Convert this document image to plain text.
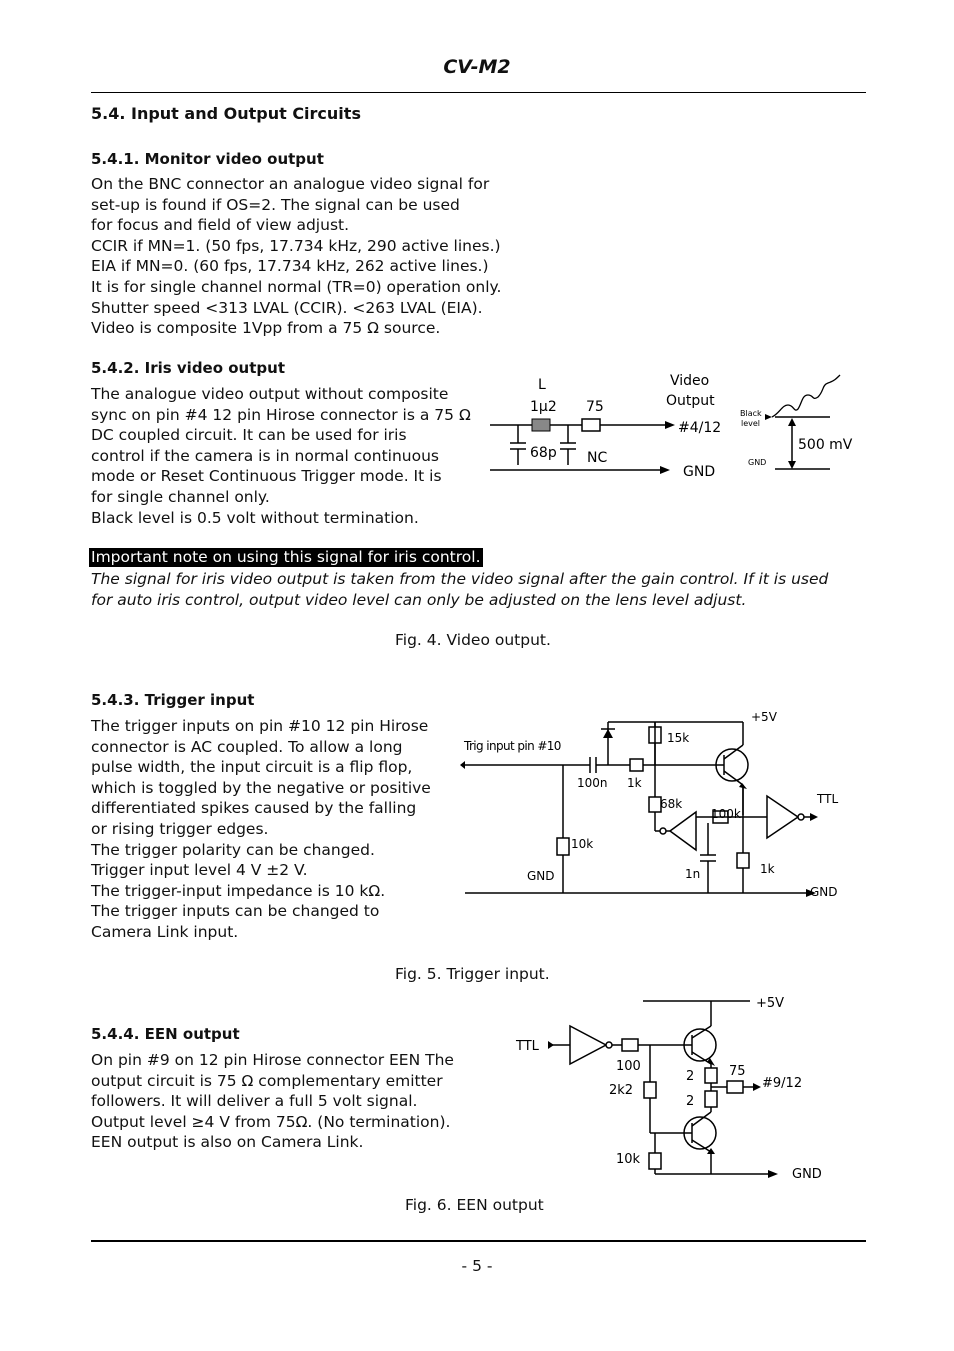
CV-M2
5.4. Input and Output Circuits
5.4.1. Monitor video output
On the BNC connector an analogue video signal for
set-up is found if OS=2. The signal can be used
for focus and field of view adjust.
CCIR if MN=1. (50 fps, 17.734 kHz, 290 active lines.)
EIA if MN=0. (60 fps, 17.734 kHz, 262 active lines.)
It is for single channel normal (TR=0) operation only.
Shutter speed <313 LVAL (CCIR). <263 LVAL (EIA).
Video is composite 1Vpp from a 75 Ω source.
5.4.2. Iris video output
The analogue video output without composite
sync on pin #4 12 pin Hirose connector is a 75 Ω
DC coupled circuit. It can be used for iris
control if the camera is in normal continuous
mode or Reset Continuous Trigger mode. It is
for single channel only.
Black level is 0.5 volt without termination.
L
1μ2 75
68p
Video
Output
#4/12
NC
GND
Black
level
GND
500 mV
Important note on using this signal for iris control.
The signal for iris video output is taken from the video signal after the gain control. If it is used
for auto iris control, output video level can only be adjusted on the lens level adjust.
Fig. 4. Video output.
5.4.3. Trigger input
The trigger inputs on pin #10 12 pin Hirose
connector is AC coupled. To allow a long
pulse width, the input circuit is a flip flop,
which is toggled by the negative or positive
differentiated spikes caused by the falling
or rising trigger edges.
The trigger polarity can be changed.
Trigger input level 4 V ±2 V.
The trigger-input impedance is 10 kΩ.
The trigger inputs can be changed to
Camera Link input.
+5V
Trig input pin #10
15k
100n 1k
68k
100k
TTL
10k
GND	1n	1k
GND
Fig. 5. Trigger input.
5.4.4. EEN output
On pin #9 on 12 pin Hirose connector EEN The
output circuit is 75 Ω complementary emitter
followers. It will deliver a full 5 volt signal.
Output level ≥4 V from 75Ω. (No termination).
EEN output is also on Camera Link.
+5V
TTL
100
2k2
2
2
75
#9/12
10k
GND
Fig. 6. EEN output
- 5 -
